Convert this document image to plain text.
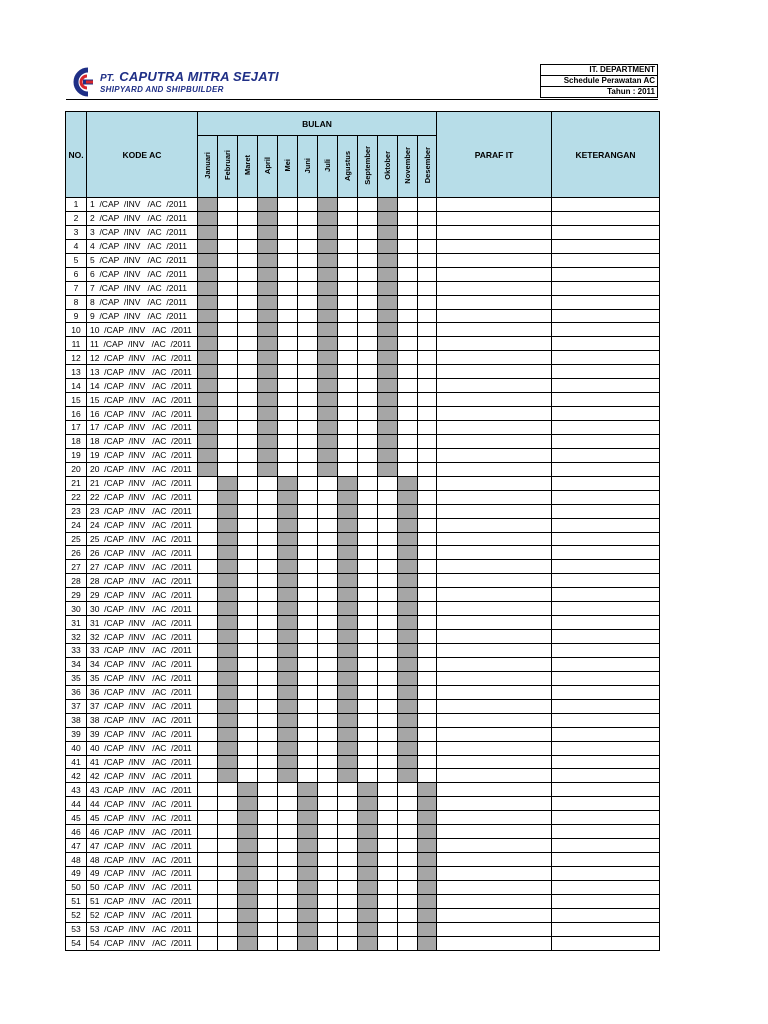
PT. CAPUTRA MITRA SEJATI
SHIPYARD AND SHIPBUILDER
IT. DEPARTMENT
Schedule Perawatan AC
Tahun : 2011
NO.	KODE AC	BULAN												PARAF IT	KETERANGAN
		Januari	Februari	Maret	April	Mei	Juni	Juli	Agustus	September	Oktober	November	Desember		
1	1  /CAP  /INV   /AC  /2011														
2	2  /CAP  /INV   /AC  /2011														
3	3  /CAP  /INV   /AC  /2011														
4	4  /CAP  /INV   /AC  /2011														
5	5  /CAP  /INV   /AC  /2011														
6	6  /CAP  /INV   /AC  /2011														
7	7  /CAP  /INV   /AC  /2011														
8	8  /CAP  /INV   /AC  /2011														
9	9  /CAP  /INV   /AC  /2011														
10	10  /CAP  /INV   /AC  /2011														
11	11  /CAP  /INV   /AC  /2011														
12	12  /CAP  /INV   /AC  /2011														
13	13  /CAP  /INV   /AC  /2011														
14	14  /CAP  /INV   /AC  /2011														
15	15  /CAP  /INV   /AC  /2011														
16	16  /CAP  /INV   /AC  /2011														
17	17  /CAP  /INV   /AC  /2011														
18	18  /CAP  /INV   /AC  /2011														
19	19  /CAP  /INV   /AC  /2011														
20	20  /CAP  /INV   /AC  /2011														
21	21  /CAP  /INV   /AC  /2011														
22	22  /CAP  /INV   /AC  /2011														
23	23  /CAP  /INV   /AC  /2011														
24	24  /CAP  /INV   /AC  /2011														
25	25  /CAP  /INV   /AC  /2011														
26	26  /CAP  /INV   /AC  /2011														
27	27  /CAP  /INV   /AC  /2011														
28	28  /CAP  /INV   /AC  /2011														
29	29  /CAP  /INV   /AC  /2011														
30	30  /CAP  /INV   /AC  /2011														
31	31  /CAP  /INV   /AC  /2011														
32	32  /CAP  /INV   /AC  /2011														
33	33  /CAP  /INV   /AC  /2011														
34	34  /CAP  /INV   /AC  /2011														
35	35  /CAP  /INV   /AC  /2011														
36	36  /CAP  /INV   /AC  /2011														
37	37  /CAP  /INV   /AC  /2011														
38	38  /CAP  /INV   /AC  /2011														
39	39  /CAP  /INV   /AC  /2011														
40	40  /CAP  /INV   /AC  /2011														
41	41  /CAP  /INV   /AC  /2011														
42	42  /CAP  /INV   /AC  /2011														
43	43  /CAP  /INV   /AC  /2011														
44	44  /CAP  /INV   /AC  /2011														
45	45  /CAP  /INV   /AC  /2011														
46	46  /CAP  /INV   /AC  /2011														
47	47  /CAP  /INV   /AC  /2011														
48	48  /CAP  /INV   /AC  /2011														
49	49  /CAP  /INV   /AC  /2011														
50	50  /CAP  /INV   /AC  /2011														
51	51  /CAP  /INV   /AC  /2011														
52	52  /CAP  /INV   /AC  /2011														
53	53  /CAP  /INV   /AC  /2011														
54	54  /CAP  /INV   /AC  /2011														
